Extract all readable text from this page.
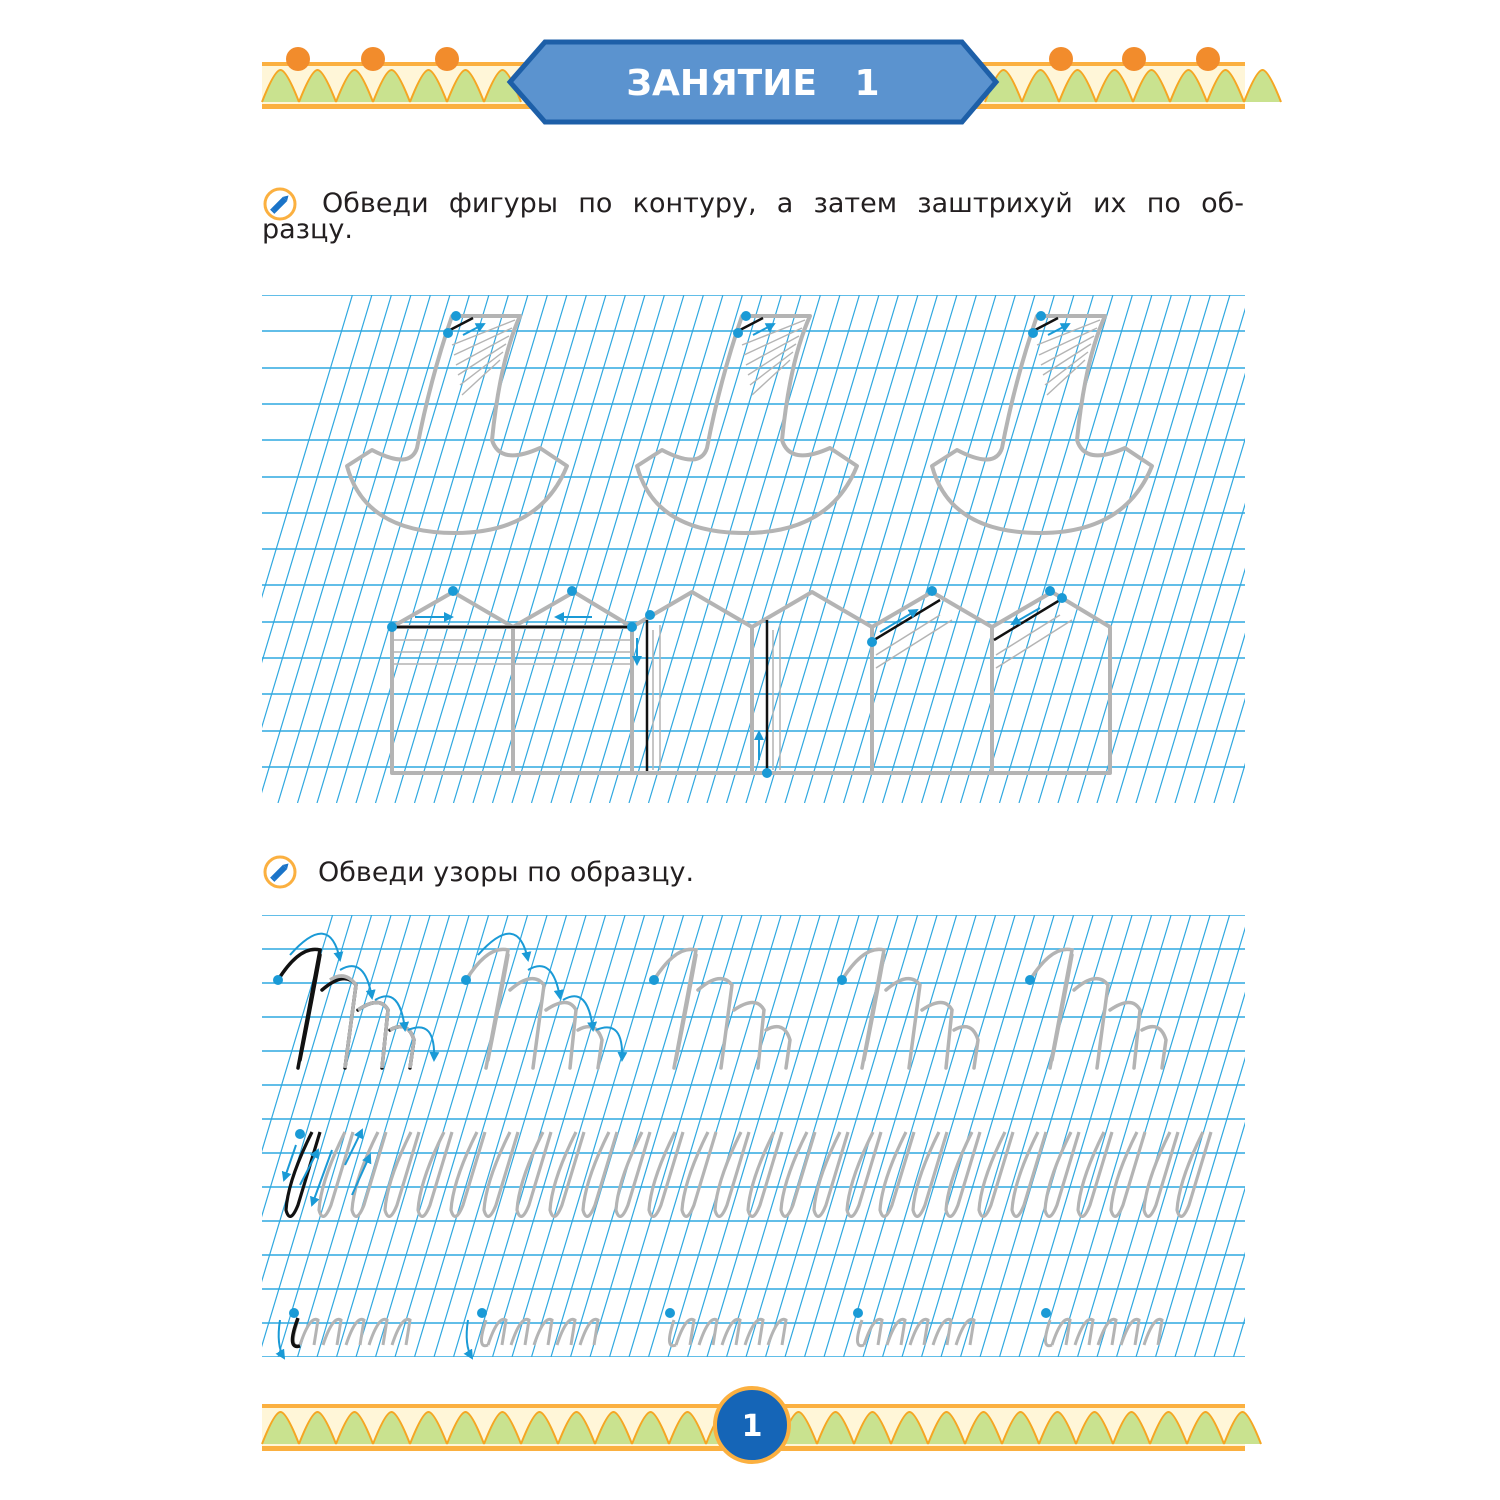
ЗАНЯТИЕ   1
Обведи фигуры по контуру, а затем заштрихуй их по об-
разцу.
Обведи узоры по образцу.
1
